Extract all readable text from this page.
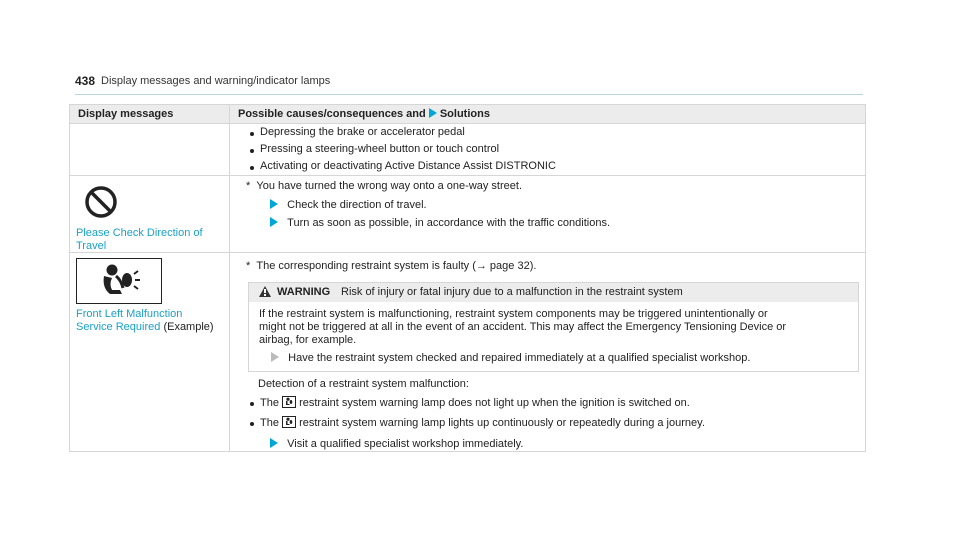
438 Display messages and warning/indicator lamps
Display messages	Possible causes/consequences and Solutions
Depressing the brake or accelerator pedal
Pressing a steering-wheel button or touch control
Activating or deactivating Active Distance Assist DISTRONIC
Please Check Direction of
Travel
*  You have turned the wrong way onto a one-way street.
Check the direction of travel.
Turn as soon as possible, in accordance with the traffic conditions.
Front Left Malfunction
Service Required (Example)
*  The corresponding restraint system is faulty (→ page 32).
WARNING Risk of injury or fatal injury due to a malfunction in the restraint system
If the restraint system is malfunctioning, restraint system components may be triggered unintentionally or
might not be triggered at all in the event of an accident. This may affect the Emergency Tensioning Device or
airbag, for example.
Have the restraint system checked and repaired immediately at a qualified specialist workshop.
Detection of a restraint system malfunction:
The restraint system warning lamp does not light up when the ignition is switched on.
The restraint system warning lamp lights up continuously or repeatedly during a journey.
Visit a qualified specialist workshop immediately.
